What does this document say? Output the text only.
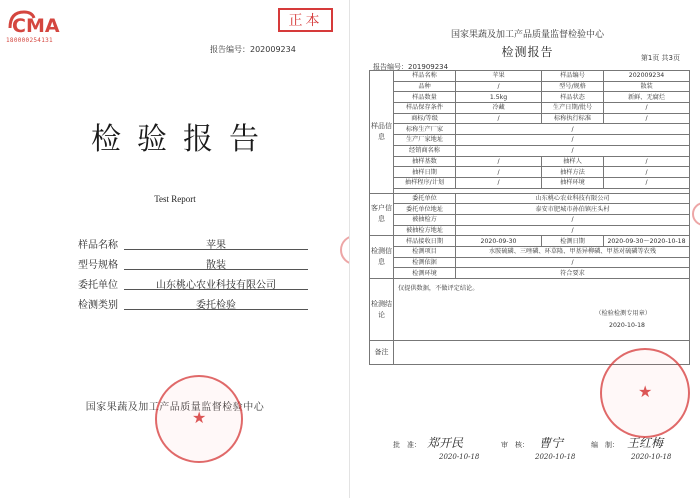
CMA
180000254131
正本
报告编号：202009234
检验报告
Test Report
样品名称	苹果
型号规格	散装
委托单位	山东桃心农业科技有限公司
检测类别	委托检验
国家果蔬及加工产品质量监督检验中心
★
国家果蔬及加工产品质量监督检验中心
检测报告	第1页 共3页
报告编号：201909234
样品信息	样品名称	苹果	样品编号	202009234
	品种	/	型号/规格	散装
	样品数量	1.5kg	样品状态	新鲜、无腐烂
	样品保存条件	冷藏	生产日期/批号	/
	商标/等级	/	标称执行标准	/
	标称生产厂家	/		
	生产厂家地址	/		
	经销商名称	/		
	抽样基数	/	抽样人	/
	抽样日期	/	抽样方法	/
	抽样程序/计划	/	抽样环境	/

客户信息	委托单位	山东桃心农业科技有限公司		
	委托单位地址	泰安市肥城市孙伯镇庄头村		
	被抽检方	/		
	被抽检方地址	/		
检测信息	样品接收日期	2020-09-30	检测日期	2020-09-30～2020-10-18
	检测项目	水胺硫磷、三唑磷、环草隆、甲基异柳磷、甲基对硫磷等农残		
	检测依据	/		
	检测环境	符合要求		
检测结论	仅提供数据，不做评定结论。
（检验检测专用章）
2020-10-18			

备注				
★
批　准： 郑开民
2020-10-18
审　核： 曹宁
2020-10-18
编　制： 王红梅
2020-10-18
